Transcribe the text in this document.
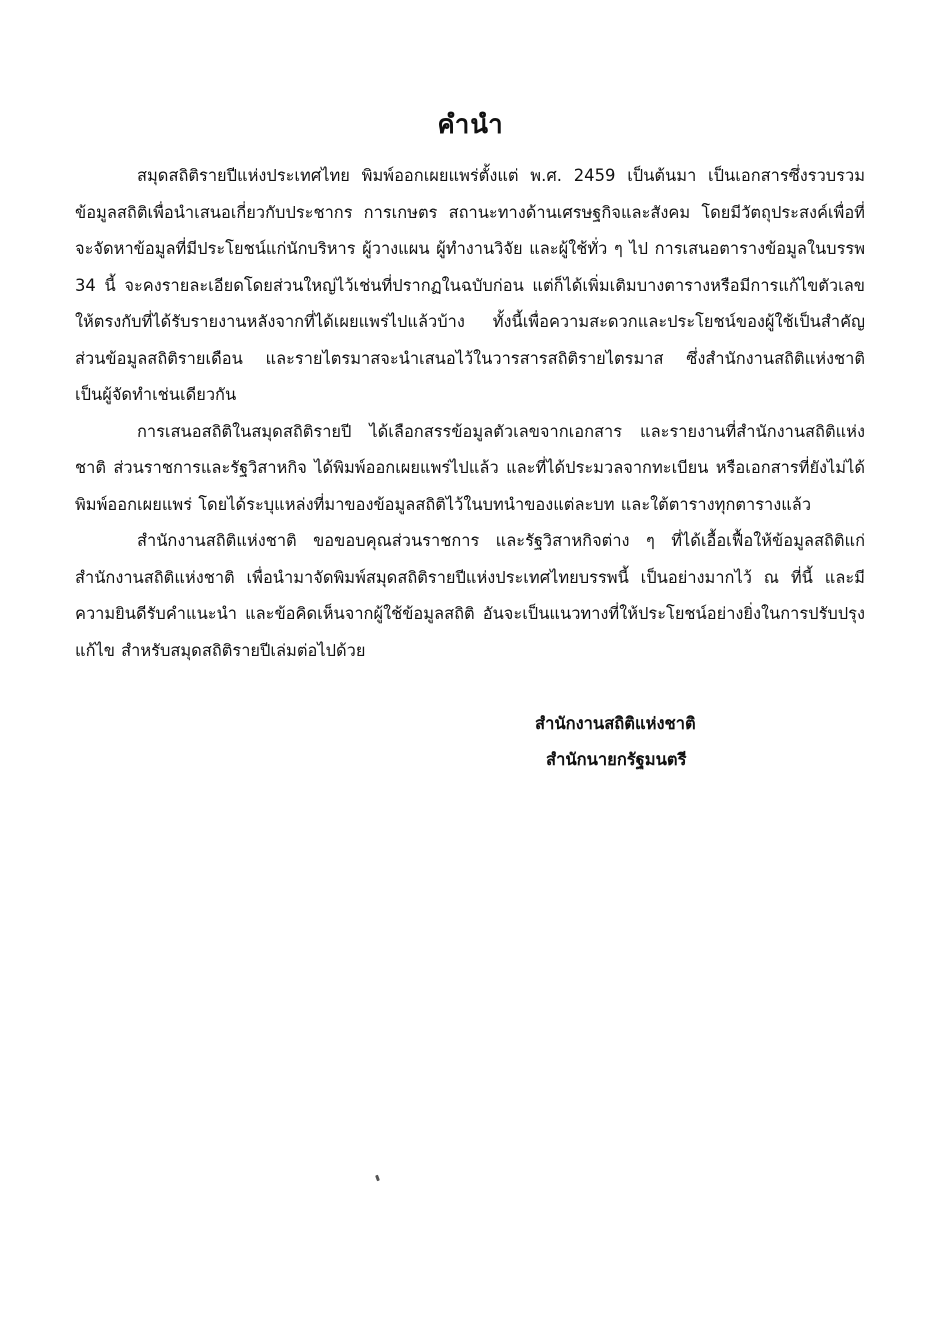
คำนำ

สมุดสถิติรายปีแห่งประเทศไทย พิมพ์ออกเผยแพร่ตั้งแต่ พ.ศ. 2459 เป็นต้นมา เป็นเอกสารซึ่งรวบรวมข้อมูลสถิติเพื่อนำเสนอเกี่ยวกับประชากร การเกษตร สถานะทางด้านเศรษฐกิจและสังคม โดยมีวัตถุประสงค์เพื่อที่จะจัดหาข้อมูลที่มีประโยชน์แก่นักบริหาร ผู้วางแผน ผู้ทำงานวิจัย และผู้ใช้ทั่ว ๆ ไป การเสนอตารางข้อมูลในบรรพ 34 นี้ จะคงรายละเอียดโดยส่วนใหญ่ไว้เช่นที่ปรากฏในฉบับก่อน แต่ก็ได้เพิ่มเติมบางตารางหรือมีการแก้ไขตัวเลขให้ตรงกับที่ได้รับรายงานหลังจากที่ได้เผยแพร่ไปแล้วบ้าง ทั้งนี้เพื่อความสะดวกและประโยชน์ของผู้ใช้เป็นสำคัญ ส่วนข้อมูลสถิติรายเดือน และรายไตรมาสจะนำเสนอไว้ในวารสารสถิติรายไตรมาส ซึ่งสำนักงานสถิติแห่งชาติ เป็นผู้จัดทำเช่นเดียวกัน

การเสนอสถิติในสมุดสถิติรายปี ได้เลือกสรรข้อมูลตัวเลขจากเอกสาร และรายงานที่สำนักงานสถิติแห่งชาติ ส่วนราชการและรัฐวิสาหกิจ ได้พิมพ์ออกเผยแพร่ไปแล้ว และที่ได้ประมวลจากทะเบียน หรือเอกสารที่ยังไม่ได้พิมพ์ออกเผยแพร่ โดยได้ระบุแหล่งที่มาของข้อมูลสถิติไว้ในบทนำของแต่ละบท และใต้ตารางทุกตารางแล้ว

สำนักงานสถิติแห่งชาติ ขอขอบคุณส่วนราชการ และรัฐวิสาหกิจต่าง ๆ ที่ได้เอื้อเฟื้อให้ข้อมูลสถิติแก่สำนักงานสถิติแห่งชาติ เพื่อนำมาจัดพิมพ์สมุดสถิติรายปีแห่งประเทศไทยบรรพนี้ เป็นอย่างมากไว้ ณ ที่นี้ และมีความยินดีรับคำแนะนำ และข้อคิดเห็นจากผู้ใช้ข้อมูลสถิติ อันจะเป็นแนวทางที่ให้ประโยชน์อย่างยิ่งในการปรับปรุง แก้ไข สำหรับสมุดสถิติรายปีเล่มต่อไปด้วย

สำนักงานสถิติแห่งชาติ
สำนักนายกรัฐมนตรี
